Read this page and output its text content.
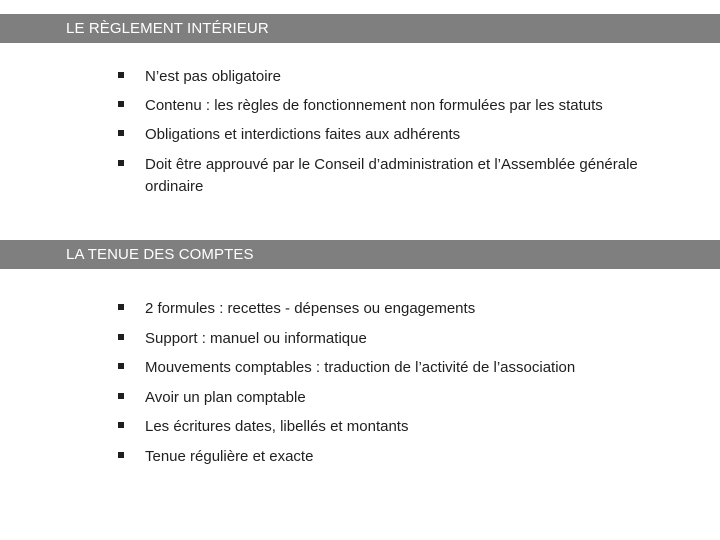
LE RÈGLEMENT INTÉRIEUR
N’est pas obligatoire
Contenu : les règles de fonctionnement non formulées par les statuts
Obligations et interdictions faites aux adhérents
Doit être approuvé par le Conseil d’administration et l’Assemblée générale ordinaire
LA TENUE DES COMPTES
2 formules : recettes - dépenses ou engagements
Support : manuel ou informatique
Mouvements comptables : traduction de l’activité de l’association
Avoir un plan comptable
Les écritures dates, libellés et montants
Tenue régulière et exacte
